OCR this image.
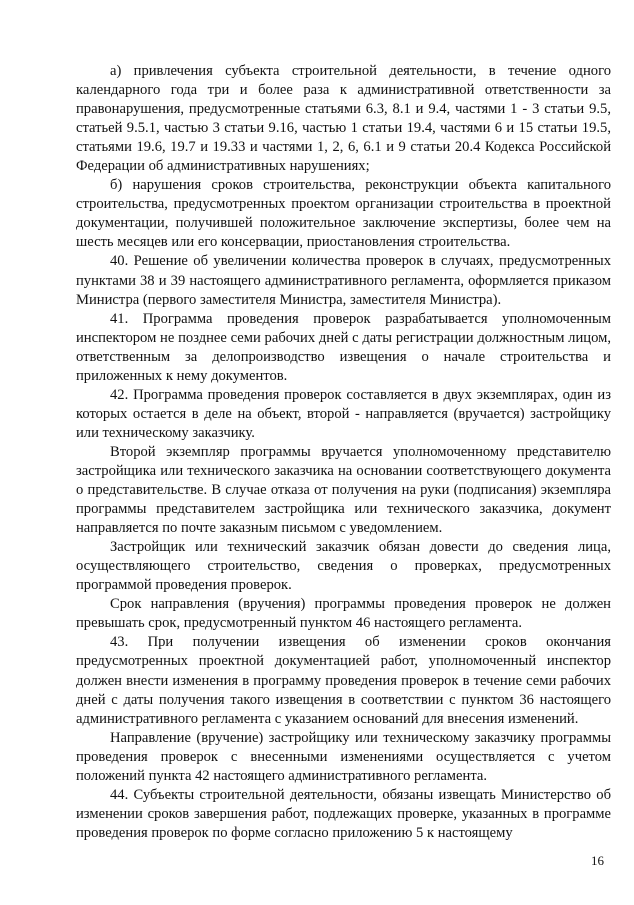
а) привлечения субъекта строительной деятельности, в течение одного календарного года три и более раза к административной ответственности за правонарушения, предусмотренные статьями 6.3, 8.1 и 9.4, частями 1 - 3 статьи 9.5, статьей 9.5.1, частью 3 статьи 9.16, частью 1 статьи 19.4, частями 6 и 15 статьи 19.5, статьями 19.6, 19.7 и 19.33 и частями 1, 2, 6, 6.1 и 9 статьи 20.4 Кодекса Российской Федерации об административных нарушениях;

б) нарушения сроков строительства, реконструкции объекта капитального строительства, предусмотренных проектом организации строительства в проектной документации, получившей положительное заключение экспертизы, более чем на шесть месяцев или его консервации, приостановления строительства.

40. Решение об увеличении количества проверок в случаях, предусмотренных пунктами 38 и 39 настоящего административного регламента, оформляется приказом Министра (первого заместителя Министра, заместителя Министра).

41. Программа проведения проверок разрабатывается уполномоченным инспектором не позднее семи рабочих дней с даты регистрации должностным лицом, ответственным за делопроизводство извещения о начале строительства и приложенных к нему документов.

42. Программа проведения проверок составляется в двух экземплярах, один из которых остается в деле на объект, второй - направляется (вручается) застройщику или техническому заказчику.

Второй экземпляр программы вручается уполномоченному представителю застройщика или технического заказчика на основании соответствующего документа о представительстве. В случае отказа от получения на руки (подписания) экземпляра программы представителем застройщика или технического заказчика, документ направляется по почте заказным письмом с уведомлением.

Застройщик или технический заказчик обязан довести до сведения лица, осуществляющего строительство, сведения о проверках, предусмотренных программой проведения проверок.

Срок направления (вручения) программы проведения проверок не должен превышать срок, предусмотренный пунктом 46 настоящего регламента.

43. При получении извещения об изменении сроков окончания предусмотренных проектной документацией работ, уполномоченный инспектор должен внести изменения в программу проведения проверок в течение семи рабочих дней с даты получения такого извещения в соответствии с пунктом 36 настоящего административного регламента с указанием оснований для внесения изменений.

Направление (вручение) застройщику или техническому заказчику программы проведения проверок с внесенными изменениями осуществляется с учетом положений пункта 42 настоящего административного регламента.

44. Субъекты строительной деятельности, обязаны извещать Министерство об изменении сроков завершения работ, подлежащих проверке, указанных в программе проведения проверок по форме согласно приложению 5 к настоящему

16
